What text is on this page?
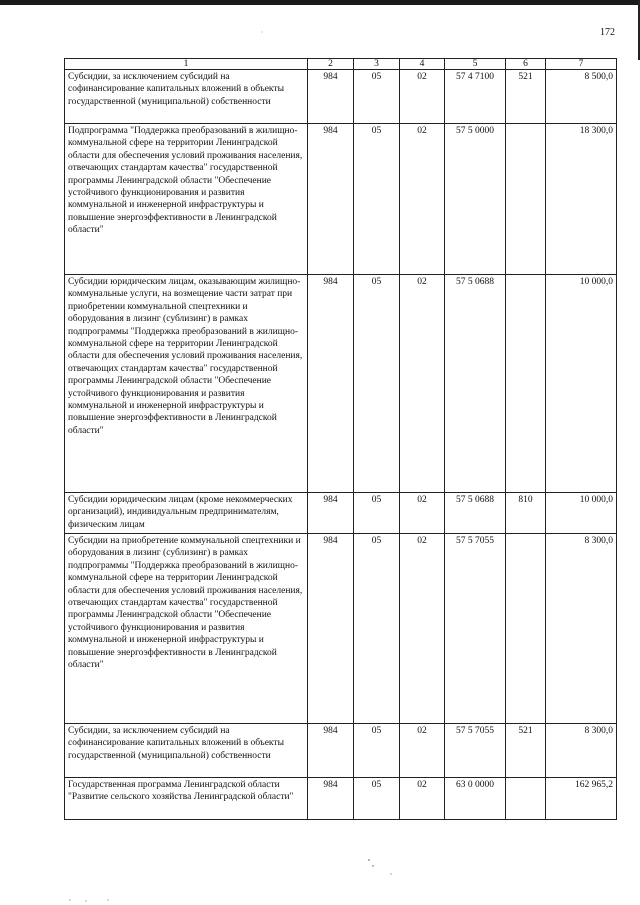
172
1	2	3	4	5	6	7
Субсидии, за исключением субсидий на софинансирование капитальных вложений в объекты государственной (муниципальной) собственности	984	05	02	57 4 7100	521	8 500,0
Подпрограмма "Поддержка преобразований в жилищно-коммунальной сфере на территории Ленинградской области для обеспечения условий проживания населения, отвечающих стандартам качества" государственной программы Ленинградской области "Обеспечение устойчивого функционирования и развития коммунальной и инженерной инфраструктуры и повышение энергоэффективности в Ленинградской области"	984	05	02	57 5 0000		18 300,0
Субсидии юридическим лицам, оказывающим жилищно-коммунальные услуги, на возмещение части затрат при приобретении коммунальной спецтехники и оборудования в лизинг (сублизинг) в рамках подпрограммы "Поддержка преобразований в жилищно-коммунальной сфере на территории Ленинградской области для обеспечения условий проживания населения, отвечающих стандартам качества" государственной программы Ленинградской области "Обеспечение устойчивого функционирования и развития коммунальной и инженерной инфраструктуры и повышение энергоэффективности в Ленинградской области"	984	05	02	57 5 0688		10 000,0
Субсидии юридическим лицам (кроме некоммерческих организаций), индивидуальным предпринимателям, физическим лицам	984	05	02	57 5 0688	810	10 000,0
Субсидии на приобретение коммунальной спецтехники и оборудования в лизинг (сублизинг) в рамках подпрограммы "Поддержка преобразований в жилищно-коммунальной сфере на территории Ленинградской области для обеспечения условий проживания населения, отвечающих стандартам качества" государственной программы Ленинградской области "Обеспечение устойчивого функционирования и развития коммунальной и инженерной инфраструктуры и повышение энергоэффективности в Ленинградской области"	984	05	02	57 5 7055		8 300,0
Субсидии, за исключением субсидий на софинансирование капитальных вложений в объекты государственной (муниципальной) собственности	984	05	02	57 5 7055	521	8 300,0
Государственная программа Ленинградской области "Развитие сельского хозяйства Ленинградской области"	984	05	02	63 0 0000		162 965,2
